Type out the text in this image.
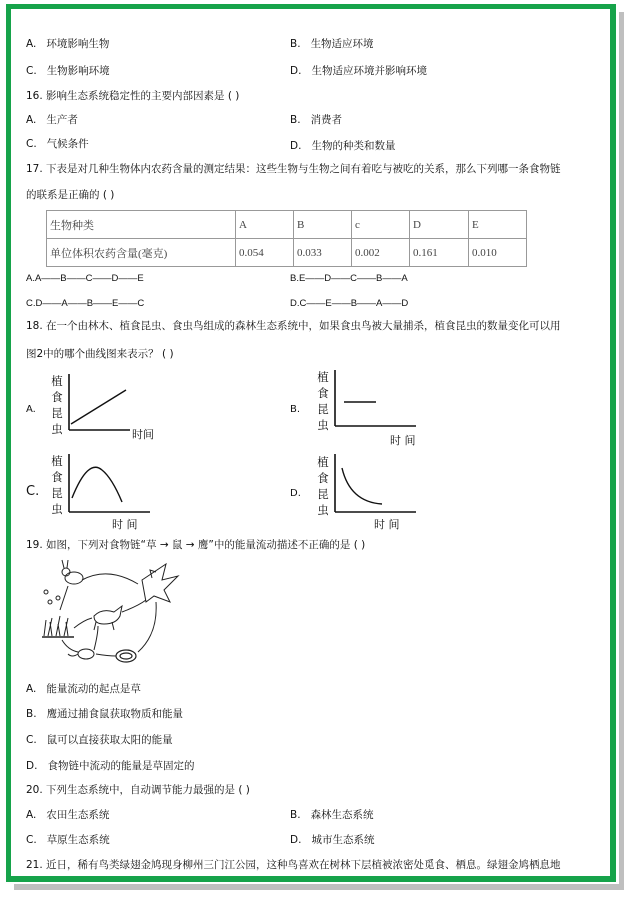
A. 环境影响生物	B. 生物适应环境
C. 生物影响环境	D. 生物适应环境并影响环境
16. 影响生态系统稳定性的主要内部因素是 ( )
A. 生产者	B. 消费者
C. 气候条件	D. 生物的种类和数量
17. 下表是对几种生物体内农药含量的测定结果：这些生物与生物之间有着吃与被吃的关系，那么下列哪一条食物链
的联系是正确的 ( )
生物种类	A	B	c	D	E
单位体积农药含量(毫克)	0.054	0.033	0.002	0.161	0.010
A.A——B——C——D——E	B.E——D——C——B——A
C.D——A——B——E——C	D.C——E——B——A——D
18. 在一个由林木、植食昆虫、食虫鸟组成的森林生态系统中，如果食虫鸟被大量捕杀，植食昆虫的数量变化可以用
图2中的哪个曲线图来表示？ ( )
A.
植
食
昆
虫	时间
B.
植
食
昆
虫
时 间
C.
植
食
昆
虫
时 间
D.
植
食
昆
虫
时 间
19. 如图，下列对食物链“草 → 鼠 → 鹰”中的能量流动描述不正确的是 ( )
A. 能量流动的起点是草
B. 鹰通过捕食鼠获取物质和能量
C. 鼠可以直接获取太阳的能量
D. 食物链中流动的能量是草固定的
20. 下列生态系统中，自动调节能力最强的是 ( )
A. 农田生态系统	B. 森林生态系统
C. 草原生态系统	D. 城市生态系统
21. 近日，稀有鸟类绿翅金鸠现身柳州三门江公园，这种鸟喜欢在树林下层植被浓密处觅食、栖息。绿翅金鸠栖息地
